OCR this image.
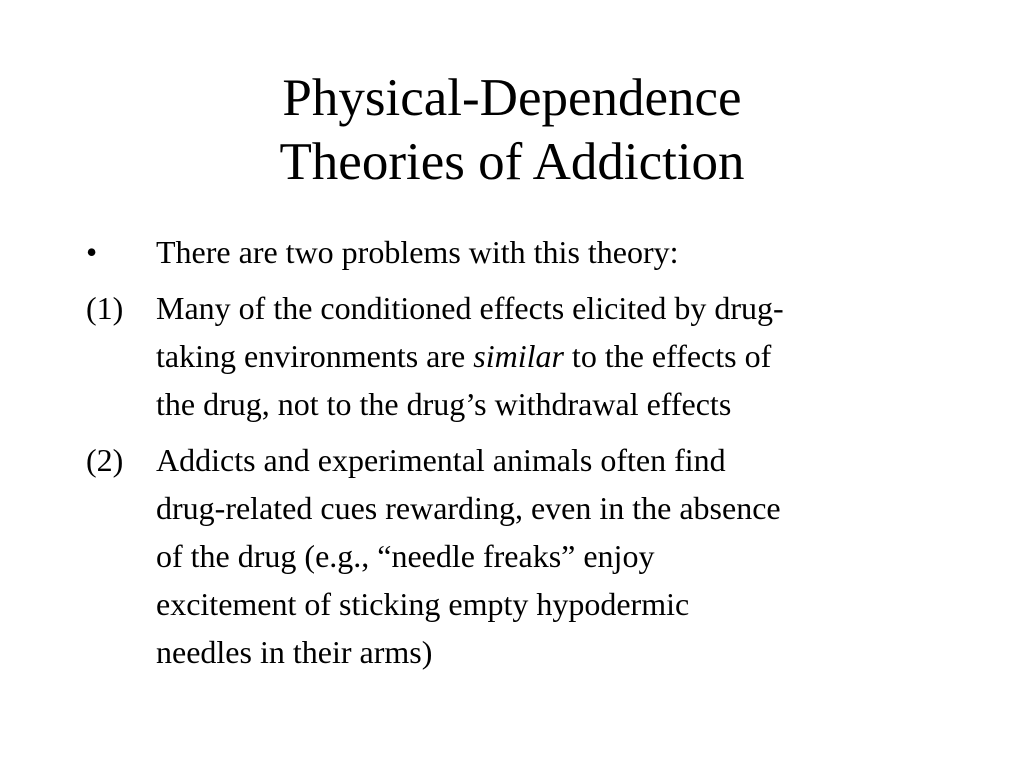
Physical-Dependence
Theories of Addiction
•	There are two problems with this theory:
(1)	Many of the conditioned effects elicited by drug-
taking environments are similar to the effects of
the drug, not to the drug’s withdrawal effects
(2)	Addicts and experimental animals often find
drug-related cues rewarding, even in the absence
of the drug (e.g., “needle freaks” enjoy
excitement of sticking empty hypodermic
needles in their arms)
